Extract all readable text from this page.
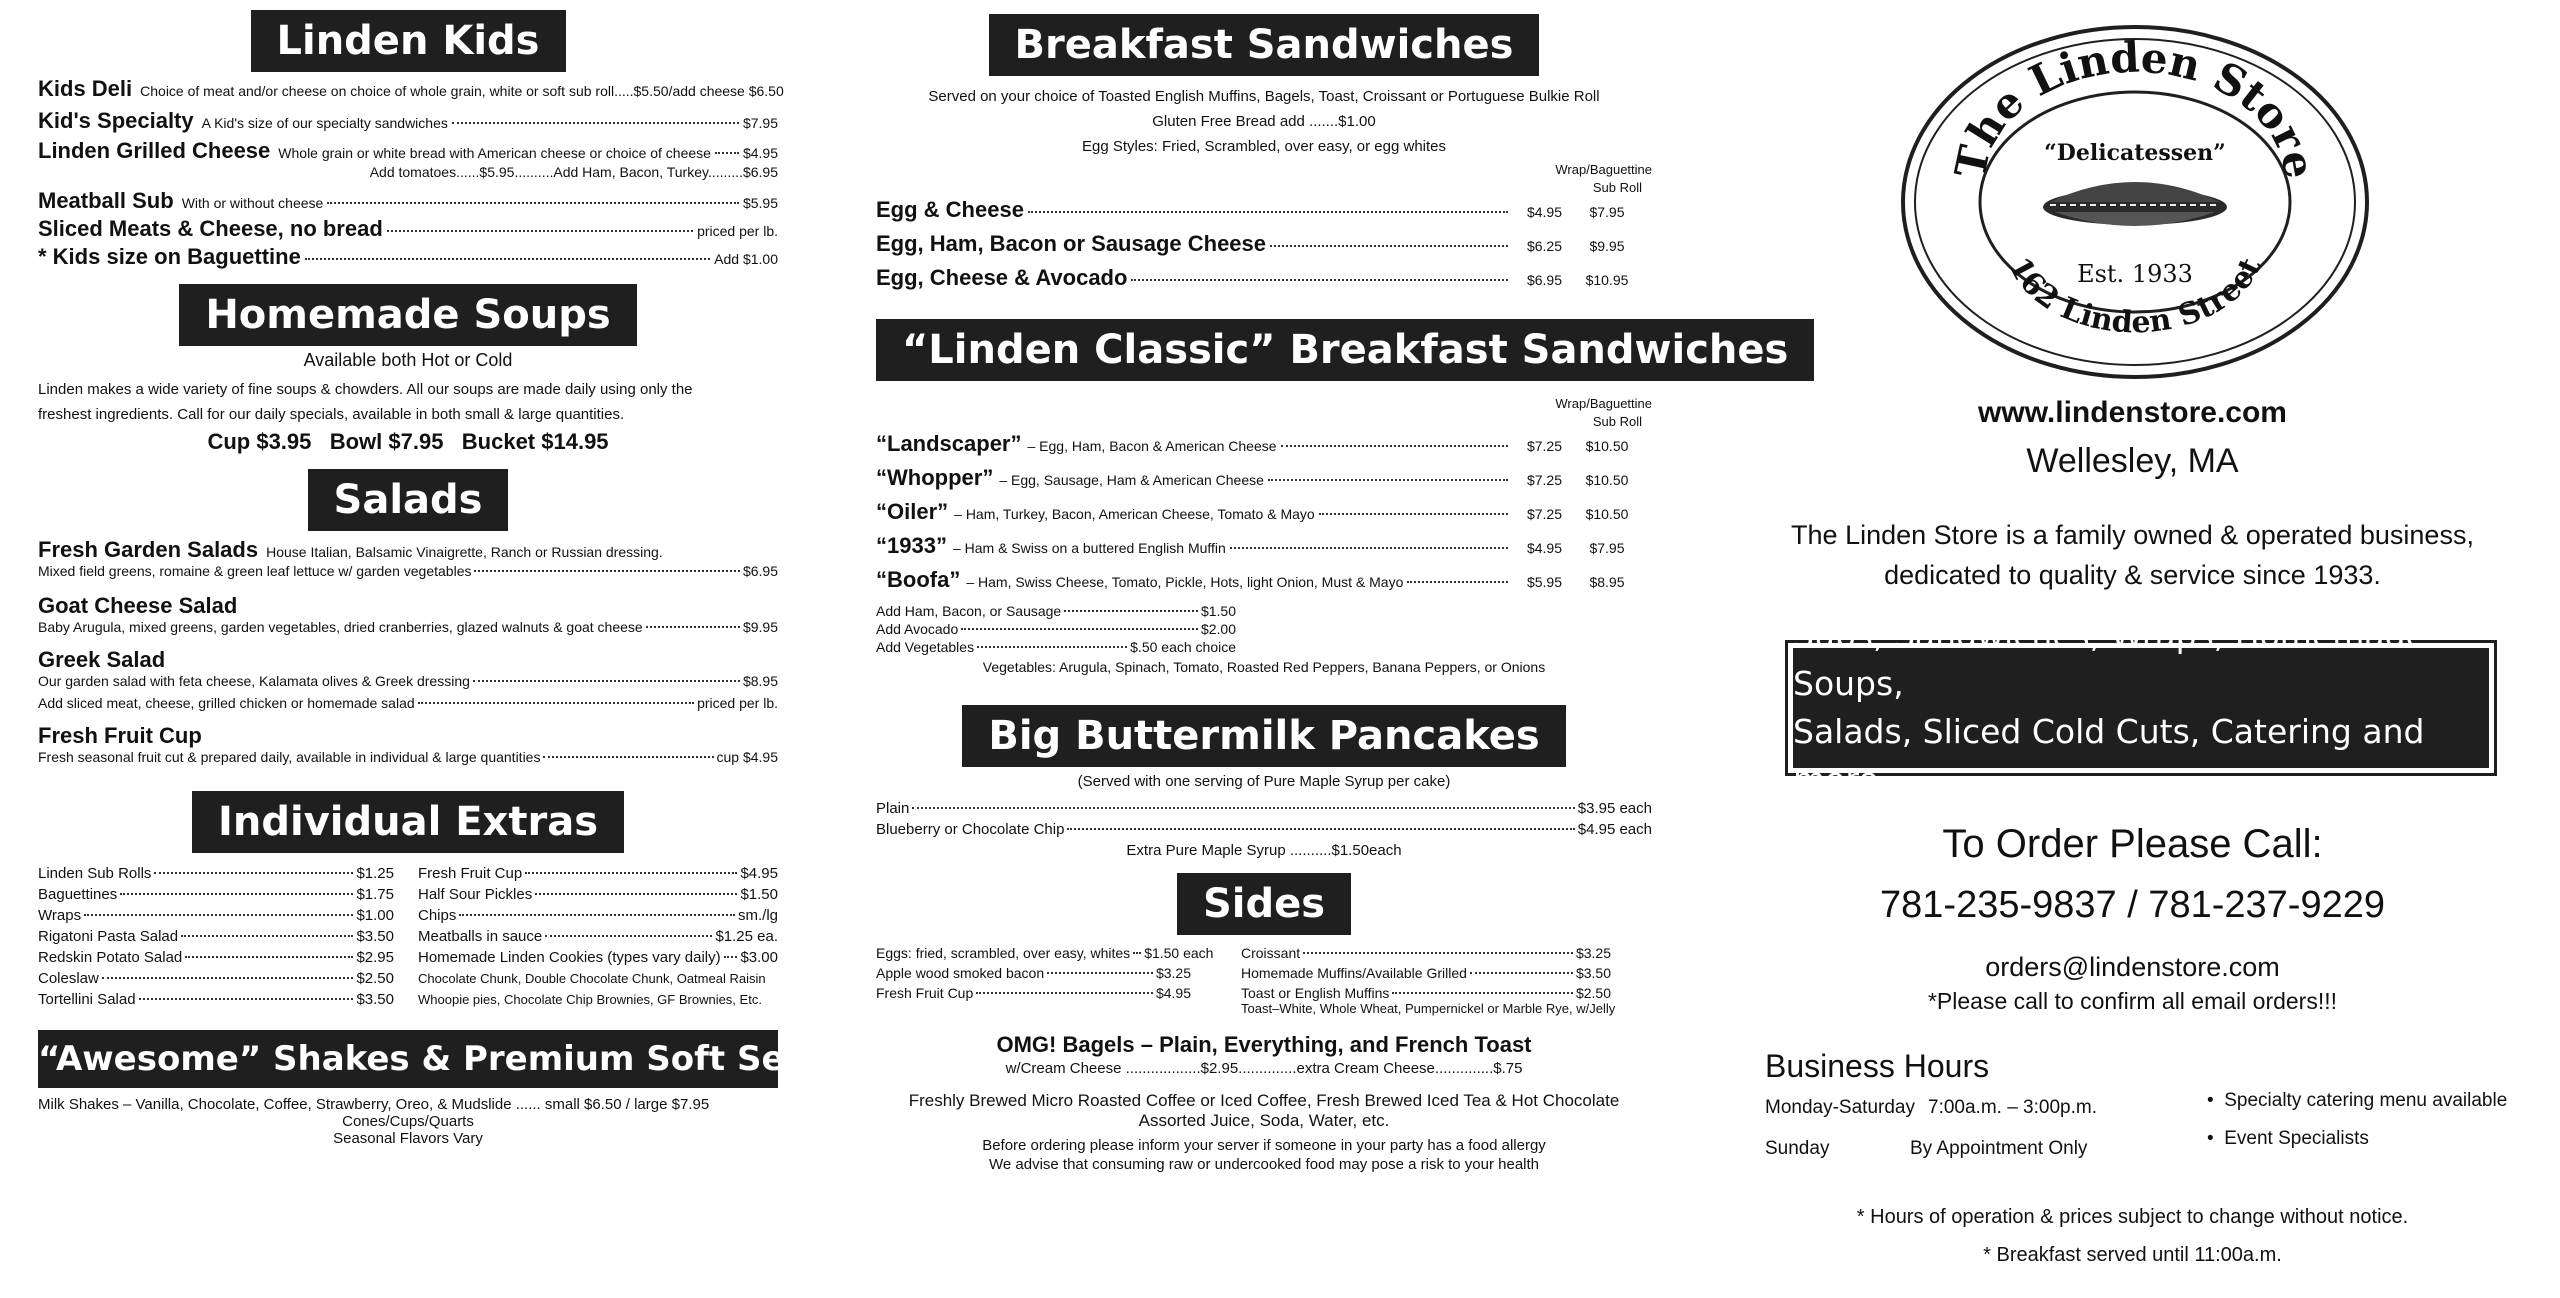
Linden Kids
Kids Deli Choice of meat and/or cheese on choice of whole grain, white or soft sub roll.....$5.50/add cheese $6.50
Kid's Specialty A Kid's size of our specialty sandwiches	$7.95
Linden Grilled Cheese Whole grain or white bread with American cheese or choice of cheese $4.95
Add tomatoes......$5.95..........Add Ham, Bacon, Turkey.........$6.95
Meatball Sub With or without cheese	$5.95
Sliced Meats & Cheese, no bread	priced per lb.
* Kids size on Baguettine	Add $1.00
Homemade Soups
Available both Hot or Cold
Linden makes a wide variety of fine soups & chowders. All our soups are made daily using only the
freshest ingredients. Call for our daily specials, available in both small & large quantities.
Cup $3.95   Bowl $7.95   Bucket $14.95
Salads
Fresh Garden Salads House Italian, Balsamic Vinaigrette, Ranch or Russian dressing.
Mixed field greens, romaine & green leaf lettuce w/ garden vegetables	$6.95
Goat Cheese Salad
Baby Arugula, mixed greens, garden vegetables, dried cranberries, glazed walnuts & goat cheese	$9.95
Greek Salad
Our garden salad with feta cheese, Kalamata olives & Greek dressing	$8.95
Add sliced meat, cheese, grilled chicken or homemade salad	priced per lb.
Fresh Fruit Cup
Fresh seasonal fruit cut & prepared daily, available in individual & large quantities	cup $4.95
Individual Extras
Linden Sub Rolls $1.25	Fresh Fruit Cup $4.95

Baguettines $1.75	Half Sour Pickles $1.50

Wraps $1.00	Chips sm./lg

Rigatoni Pasta Salad $3.50	Meatballs in sauce $1.25 ea.

Redskin Potato Salad $2.95	Homemade Linden Cookies (types vary daily) $3.00

Coleslaw $2.50	Chocolate Chunk, Double Chocolate Chunk, Oatmeal Raisin

Tortellini Salad $3.50	Whoopie pies, Chocolate Chip Brownies, GF Brownies, Etc.
“Awesome” Shakes & Premium Soft Serve Ice Cream
Milk Shakes – Vanilla, Chocolate, Coffee, Strawberry, Oreo, & Mudslide ...... small $6.50 / large $7.95
Cones/Cups/Quarts
Seasonal Flavors Vary
Breakfast Sandwiches
Served on your choice of Toasted English Muffins, Bagels, Toast, Croissant or Portuguese Bulkie Roll
Gluten Free Bread add .......$1.00
Egg Styles: Fried, Scrambled, over easy, or egg whites
Wrap/Baguettine
Sub Roll
Egg & Cheese	$4.95	$7.95
Egg, Ham, Bacon or Sausage Cheese	$6.25	$9.95
Egg, Cheese & Avocado	$6.95	$10.95
“Linden Classic” Breakfast Sandwiches
Wrap/Baguettine
Sub Roll
“Landscaper” – Egg, Ham, Bacon & American Cheese	$7.25	$10.50
“Whopper” – Egg, Sausage, Ham & American Cheese	$7.25	$10.50
“Oiler” – Ham, Turkey, Bacon, American Cheese, Tomato & Mayo	$7.25	$10.50
“1933” – Ham & Swiss on a buttered English Muffin	$4.95	$7.95
“Boofa” – Ham, Swiss Cheese, Tomato, Pickle, Hots, light Onion, Must & Mayo	$5.95	$8.95
Add Ham, Bacon, or Sausage	$1.50
Add Avocado	$2.00
Add Vegetables	$.50 each choice
Vegetables: Arugula, Spinach, Tomato, Roasted Red Peppers, Banana Peppers, or Onions
Big Buttermilk Pancakes
(Served with one serving of Pure Maple Syrup per cake)
Plain	$3.95 each
Blueberry or Chocolate Chip	$4.95 each
Extra Pure Maple Syrup ..........$1.50each
Sides
Eggs: fried, scrambled, over easy, whites $1.50 each
Apple wood smoked bacon	$3.25
Fresh Fruit Cup	$4.95
Croissant	$3.25
Homemade Muffins/Available Grilled	$3.50
Toast or English Muffins	$2.50
Toast–White, Whole Wheat, Pumpernickel or Marble Rye, w/Jelly
OMG! Bagels – Plain, Everything, and French Toast
w/Cream Cheese ..................$2.95..............extra Cream Cheese..............$.75
Freshly Brewed Micro Roasted Coffee or Iced Coffee, Fresh Brewed Iced Tea & Hot Chocolate
Assorted Juice, Soda, Water, etc.
Before ordering please inform your server if someone in your party has a food allergy
We advise that consuming raw or undercooked food may pose a risk to your health
The Linden Store
162 Linden Street
“Delicatessen”
Est. 1933
www.lindenstore.com
Wellesley, MA
The Linden Store is a family owned & operated business,
dedicated to quality & service since 1933.
Subs, Sandwiches, Wraps, Homemade Soups,
Salads, Sliced Cold Cuts, Catering and more...
To Order Please Call:
781-235-9837 / 781-237-9229
orders@lindenstore.com
*Please call to confirm all email orders!!!
Business Hours
Monday-Saturday 7:00a.m. – 3:00p.m.
Sunday	By Appointment Only
•  Specialty catering menu available
•  Event Specialists
* Hours of operation & prices subject to change without notice.
* Breakfast served until 11:00a.m.
